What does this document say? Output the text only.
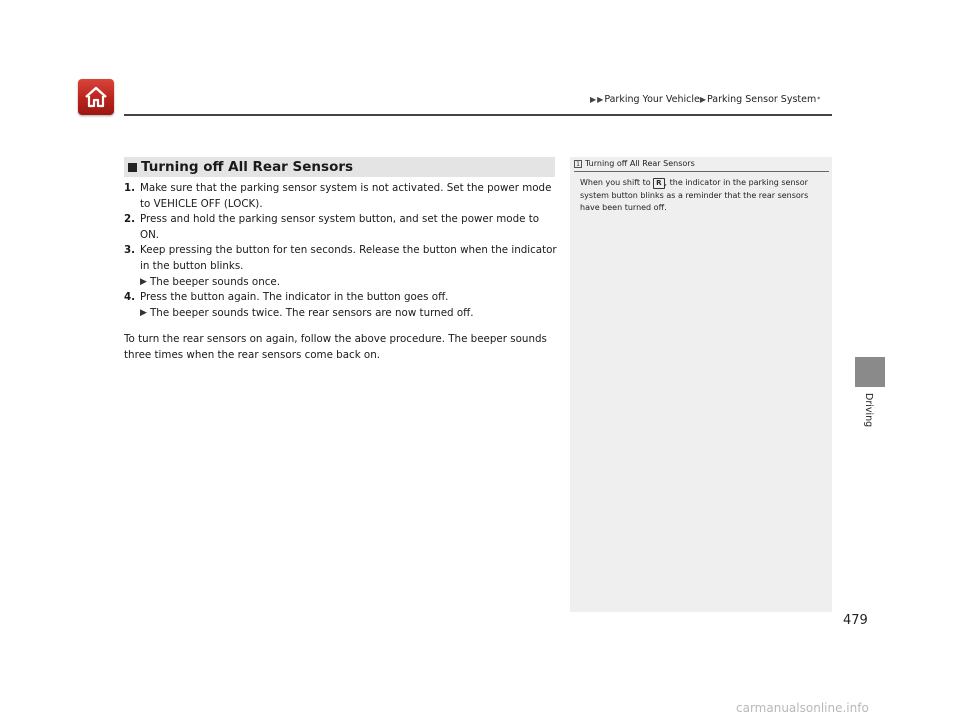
▶ ▶ Parking Your Vehicle ▶ Parking Sensor System *
Turning off All Rear Sensors
1. Make sure that the parking sensor system is not activated. Set the power mode to VEHICLE OFF (LOCK).
2. Press and hold the parking sensor system button, and set the power mode to ON.
3. Keep pressing the button for ten seconds. Release the button when the indicator in the button blinks.
▶ The beeper sounds once.
4. Press the button again. The indicator in the button goes off.
▶ The beeper sounds twice. The rear sensors are now turned off.

To turn the rear sensors on again, follow the above procedure. The beeper sounds three times when the rear sensors come back on.

1 Turning off All Rear Sensors

When you shift to R , the indicator in the parking sensor system button blinks as a reminder that the rear sensors have been turned off.

Driving
479
carmanualsonline.info
